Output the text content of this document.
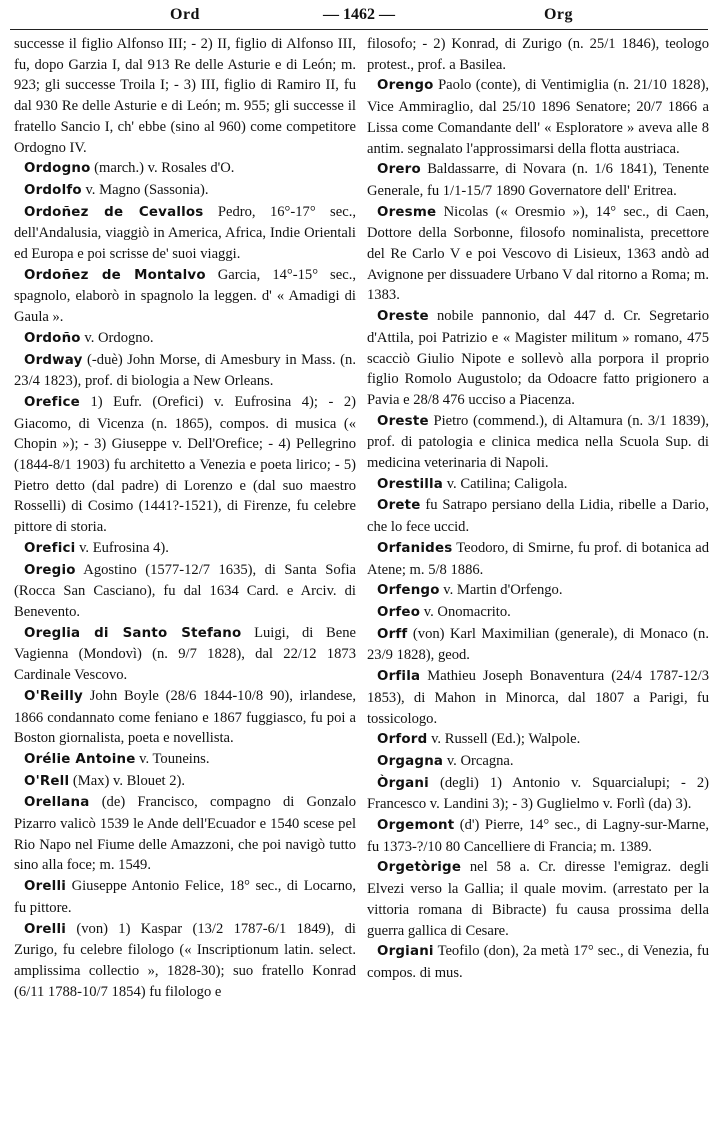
Ord	— 1462 —	Org

successe il figlio Alfonso III; - 2) II, figlio di Alfonso III, fu, dopo Garzia I, dal 913 Re delle Asturie e di León; m. 923; gli successe Troila I; - 3) III, figlio di Ramiro II, fu dal 930 Re delle Asturie e di León; m. 955; gli successe il fratello Sancio I, ch' ebbe (sino al 960) come competitore Ordogno IV.

Ordogno (march.) v. Rosales d'O.

Ordolfo v. Magno (Sassonia).

Ordoñez de Cevallos Pedro, 16°-17° sec., dell'Andalusia, viaggiò in America, Africa, Indie Orientali ed Europa e poi scrisse de' suoi viaggi.

Ordoñez de Montalvo Garcia, 14°-15° sec., spagnolo, elaborò in spagnolo la leggen. d' « Amadigi di Gaula ».

Ordoño v. Ordogno.

Ordway (-duè) John Morse, di Amesbury in Mass. (n. 23/4 1823), prof. di biologia a New Orleans.

Orefice 1) Eufr. (Orefici) v. Eufrosina 4); - 2) Giacomo, di Vicenza (n. 1865), compos. di musica (« Chopin »); - 3) Giuseppe v. Dell'Orefice; - 4) Pellegrino (1844-8/1 1903) fu architetto a Venezia e poeta lirico; - 5) Pietro detto (dal padre) di Lorenzo e (dal suo maestro Rosselli) di Cosimo (1441?-1521), di Firenze, fu celebre pittore di storia.

Orefici v. Eufrosina 4).

Oregio Agostino (1577-12/7 1635), di Santa Sofia (Rocca San Casciano), fu dal 1634 Card. e Arciv. di Benevento.

Oreglia di Santo Stefano Luigi, di Bene Vagienna (Mondovì) (n. 9/7 1828), dal 22/12 1873 Cardinale Vescovo.

O'Reilly John Boyle (28/6 1844-10/8 90), irlandese, 1866 condannato come feniano e 1867 fuggiasco, fu poi a Boston giornalista, poeta e novellista.

Orélie Antoine v. Touneins.

O'Rell (Max) v. Blouet 2).

Orellana (de) Francisco, compagno di Gonzalo Pizarro valicò 1539 le Ande dell'Ecuador e 1540 scese pel Rio Napo nel Fiume delle Amazzoni, che poi navigò tutto sino alla foce; m. 1549.

Orelli Giuseppe Antonio Felice, 18° sec., di Locarno, fu pittore.

Orelli (von) 1) Kaspar (13/2 1787-6/1 1849), di Zurigo, fu celebre filologo (« Inscriptionum latin. select. amplissima collectio », 1828-30); suo fratello Konrad (6/11 1788-10/7 1854) fu filologo e

filosofo; - 2) Konrad, di Zurigo (n. 25/1 1846), teologo protest., prof. a Basilea.

Orengo Paolo (conte), di Ventimiglia (n. 21/10 1828), Vice Ammiraglio, dal 25/10 1896 Senatore; 20/7 1866 a Lissa come Comandante dell' « Esploratore » aveva alle 8 antim. segnalato l'approssimarsi della flotta austriaca.

Orero Baldassarre, di Novara (n. 1/6 1841), Tenente Generale, fu 1/1-15/7 1890 Governatore dell' Eritrea.

Oresme Nicolas (« Oresmio »), 14° sec., di Caen, Dottore della Sorbonne, filosofo nominalista, precettore del Re Carlo V e poi Vescovo di Lisieux, 1363 andò ad Avignone per dissuadere Urbano V dal ritorno a Roma; m. 1383.

Oreste nobile pannonio, dal 447 d. Cr. Segretario d'Attila, poi Patrizio e « Magister militum » romano, 475 scacciò Giulio Nipote e sollevò alla porpora il proprio figlio Romolo Augustolo; da Odoacre fatto prigionero a Pavia e 28/8 476 ucciso a Piacenza.

Oreste Pietro (commend.), di Altamura (n. 3/1 1839), prof. di patologia e clinica medica nella Scuola Sup. di medicina veterinaria di Napoli.

Orestilla v. Catilina; Caligola.

Orete fu Satrapo persiano della Lidia, ribelle a Dario, che lo fece uccid.

Orfanides Teodoro, di Smirne, fu prof. di botanica ad Atene; m. 5/8 1886.

Orfengo v. Martin d'Orfengo.

Orfeo v. Onomacrito.

Orff (von) Karl Maximilian (generale), di Monaco (n. 23/9 1828), geod.

Orfila Mathieu Joseph Bonaventura (24/4 1787-12/3 1853), di Mahon in Minorca, dal 1807 a Parigi, fu tossicologo.

Orford v. Russell (Ed.); Walpole.

Orgagna v. Orcagna.

Òrgani (degli) 1) Antonio v. Squarcialupi; - 2) Francesco v. Landini 3); - 3) Guglielmo v. Forlì (da) 3).

Orgemont (d') Pierre, 14° sec., di Lagny-sur-Marne, fu 1373-?/10 80 Cancelliere di Francia; m. 1389.

Orgetòrige nel 58 a. Cr. diresse l'emigraz. degli Elvezi verso la Gallia; il quale movim. (arrestato per la vittoria romana di Bibracte) fu causa prossima della guerra gallica di Cesare.

Orgiani Teofilo (don), 2a metà 17° sec., di Venezia, fu compos. di mus.
